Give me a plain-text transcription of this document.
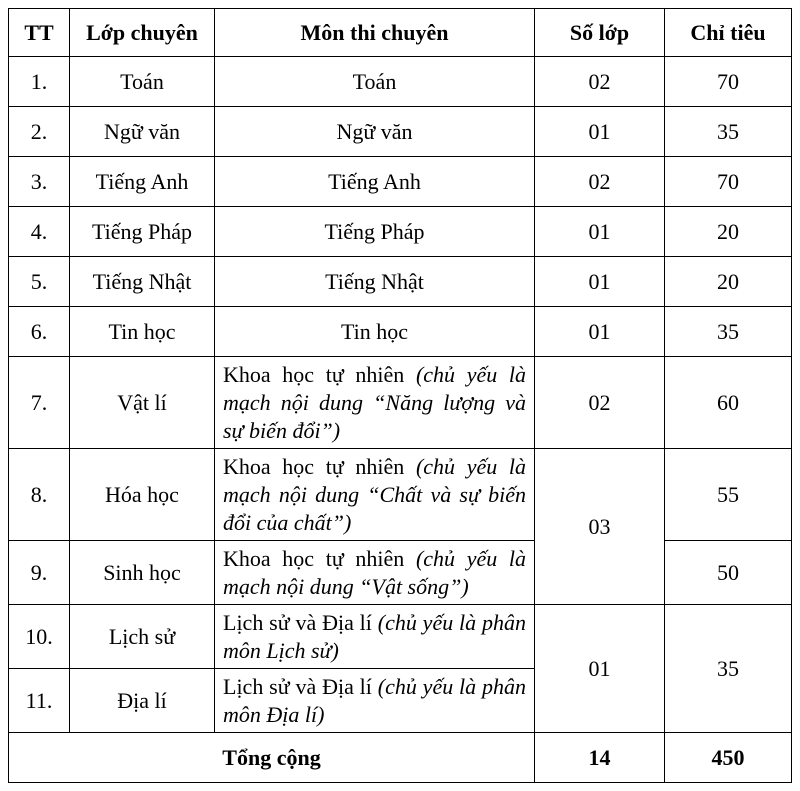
TT	Lớp chuyên	Môn thi chuyên	Số lớp	Chỉ tiêu
1.	Toán	Toán	02	70
2.	Ngữ văn	Ngữ văn	01	35
3.	Tiếng Anh	Tiếng Anh	02	70
4.	Tiếng Pháp	Tiếng Pháp	01	20
5.	Tiếng Nhật	Tiếng Nhật	01	20
6.	Tin học	Tin học	01	35
7.	Vật lí	Khoa học tự nhiên (chủ yếu là mạch nội dung “Năng lượng và sự biến đổi”)	02	60
8.	Hóa học	Khoa học tự nhiên (chủ yếu là mạch nội dung “Chất và sự biến đổi của chất”)	03	55
9.	Sinh học	Khoa học tự nhiên (chủ yếu là mạch nội dung “Vật sống”)		50
10.	Lịch sử	Lịch sử và Địa lí (chủ yếu là phân môn Lịch sử)	01	35
11.	Địa lí	Lịch sử và Địa lí (chủ yếu là phân môn Địa lí)		
Tổng cộng			14	450
